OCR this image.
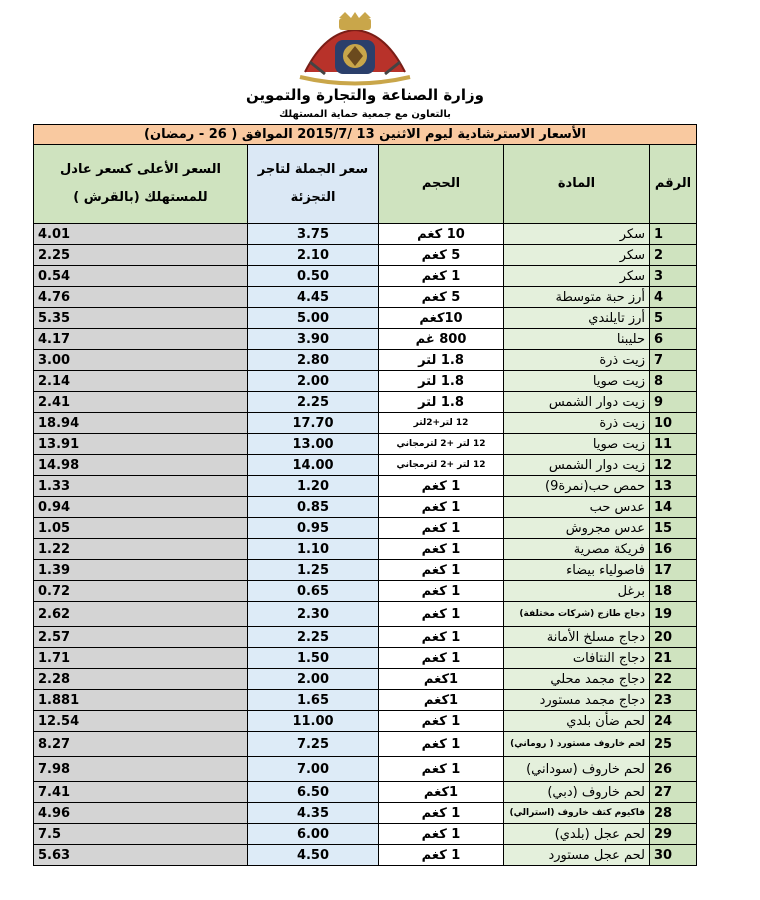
وزارة الصناعة والتجارة والتموين
بالتعاون مع جمعية حماية المستهلك
الأسعار الاسترشادية ليوم الاثنين 13 /2015/7 الموافق ( 26 - رمضان)				
السعر الأعلى كسعر عادل للمستهلك (بالقرش )	سعر الجملة لتاجر التجزئة	الحجم	المادة	الرقم
4.01	3.75	10 كغم	سكر	1
2.25	2.10	5 كغم	سكر	2
0.54	0.50	1 كغم	سكر	3
4.76	4.45	5 كغم	أرز حبة متوسطة	4
5.35	5.00	10كغم	أرز تايلندي	5
4.17	3.90	800 غم	حليبنا	6
3.00	2.80	1.8 لتر	زيت ذرة	7
2.14	2.00	1.8 لتر	زيت صويا	8
2.41	2.25	1.8 لتر	زيت دوار الشمس	9
18.94	17.70	12 لتر+2لتر	زيت ذرة	10
13.91	13.00	12 لتر +2 لترمجاني	زيت صويا	11
14.98	14.00	12 لتر +2 لترمجاني	زيت دوار الشمس	12
1.33	1.20	1 كغم	حمص حب(نمرة9)	13
0.94	0.85	1 كغم	عدس حب	14
1.05	0.95	1 كغم	عدس مجروش	15
1.22	1.10	1 كغم	فريكة مصرية	16
1.39	1.25	1 كغم	فاصولياء بيضاء	17
0.72	0.65	1 كغم	برغل	18
2.62	2.30	1 كغم	دجاج طازج (شركات مختلفة)	19
2.57	2.25	1 كغم	دجاج مسلخ الأمانة	20
1.71	1.50	1 كغم	دجاج النتافات	21
2.28	2.00	1كغم	دجاج مجمد محلي	22
1.881	1.65	1كغم	دجاج مجمد مستورد	23
12.54	11.00	1 كغم	لحم ضأن بلدي	24
8.27	7.25	1 كغم	لحم خاروف مستورد ( روماني)	25
7.98	7.00	1 كغم	لحم خاروف (سوداني)	26
7.41	6.50	1كغم	لحم خاروف (دبي)	27
4.96	4.35	1 كغم	فاكيوم كتف خاروف (استرالي)	28
7.5	6.00	1 كغم	لحم عجل (بلدي)	29
5.63	4.50	1 كغم	لحم عجل مستورد	30
